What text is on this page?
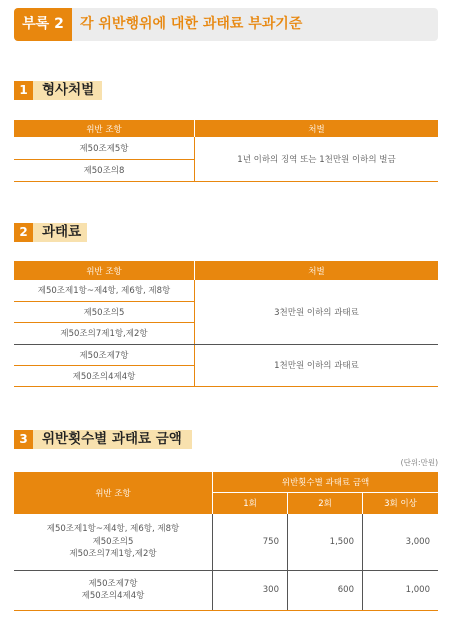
부록 2	각 위반행위에 대한 과태료 부과기준
1	형사처벌
위반 조항	처벌
제50조제5항	1년 이하의 징역 또는 1천만원 이하의 벌금
제50조의8	
2	과태료
위반 조항	처벌
제50조제1항~제4항, 제6항, 제8항	3천만원 이하의 과태료
제50조의5	
제50조의7제1항,제2항	
제50조제7항	1천만원 이하의 과태료
제50조의4제4항	
3	위반횟수별 과태료 금액
(단위:만원)
위반 조항	위반횟수별 과태료 금액		
	1회	2회	3회 이상

제50조제1항~제4항, 제6항, 제8항
제50조의5
제50조의7제1항,제2항	750	1,500	3,000

제50조제7항
제50조의4제4항	300	600	1,000
